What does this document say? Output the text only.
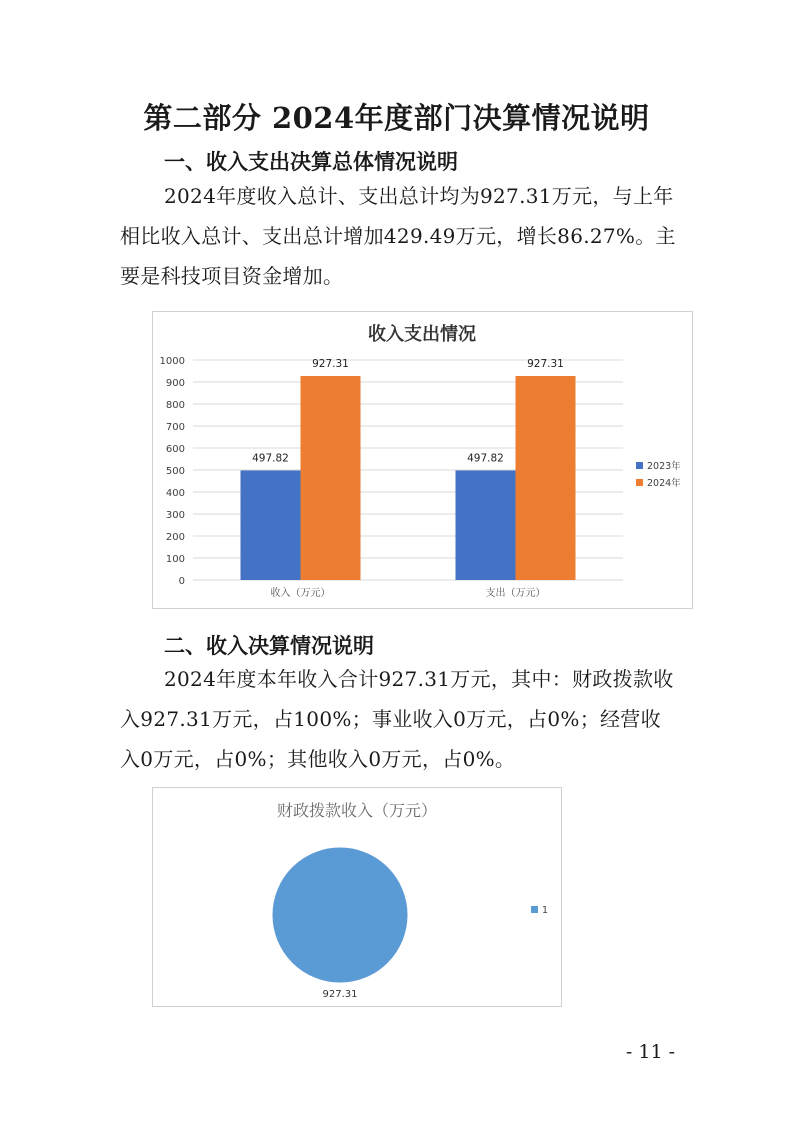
第二部分 2024年度部门决算情况说明
一、收入支出决算总体情况说明

2024年度收入总计、支出总计均为927.31万元，与上年相比收入总计、支出总计增加429.49万元，增长86.27%。主要是科技项目资金增加。

收入支出情况
0
100
200
300
400
500
600
700
800
900
1000
497.82
927.31
收入（万元）
497.82
927.31
支出（万元）
2023年
2024年
二、收入决算情况说明

2024年度本年收入合计927.31万元，其中：财政拨款收入927.31万元，占100%；事业收入0万元，占0%；经营收入0万元，占0%；其他收入0万元，占0%。

财政拨款收入（万元）
927.31
1
- 11 -
